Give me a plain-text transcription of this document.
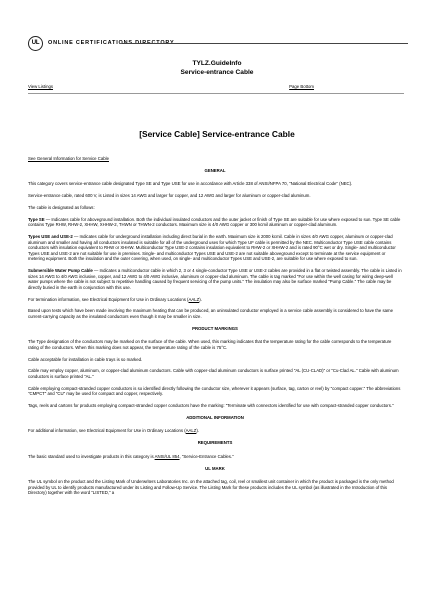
UL ONLINE CERTIFICATIONS DIRECTORY
TYLZ.GuideInfo
Service-entrance Cable
View Listings	Page Bottom
[Service Cable] Service-entrance Cable

See General Information for Service Cable

GENERAL

This category covers service-entrance cable designated Type SE and Type USE for use in accordance with Article 338 of ANSI/NFPA 70, "National Electrical Code" (NEC).

Service-entrance cable, rated 600 V, is Listed in sizes 14 AWG and larger for copper, and 12 AWG and larger for aluminum or copper-clad aluminum.

The cable is designated as follows:

Type SE — Indicates cable for aboveground installation. Both the individual insulated conductors and the outer jacket or finish of Type SE are suitable for use where exposed to sun. Type SE cable contains Type RHW, RHW-2, XHHW, XHHW-2, THWN or THWN-2 conductors. Maximum size is 4/0 AWG copper or 300 kcmil aluminum or copper-clad aluminum.

Types USE and USE-2 — Indicates cable for underground installation including direct burial in the earth. Maximum size is 2000 kcmil. Cable in sizes 4/0 AWG copper, aluminum or copper-clad aluminum and smaller and having all conductors insulated is suitable for all of the underground uses for which Type UF cable is permitted by the NEC. Multiconductor Type USE cable contains conductors with insulation equivalent to RHW or XHHW. Multiconductor Type USE-2 contains insulation equivalent to RHW-2 or XHHW-2 and is rated 90°C wet or dry. Single- and multiconductor Types USE and USE-2 are not suitable for use in premises. Single- and multiconductor Types USE and USE-2 are not suitable aboveground except to terminate at the service equipment or metering equipment. Both the insulation and the outer covering, when used, on single- and multiconductor Types USE and USE-2, are suitable for use where exposed to sun.

Submersible Water Pump Cable — Indicates a multiconductor cable in which 2, 3 or 4 single-conductor Type USE or USE-2 cables are provided in a flat or twisted assembly. The cable is Listed in sizes 14 AWG to 4/0 AWG inclusive, copper, and 12 AWG to 4/0 AWG inclusive, aluminum or copper-clad aluminum. The cable is tag marked "For use within the well casing for wiring deep-well water pumps where the cable is not subject to repetitive handling caused by frequent servicing of the pump units." The insulation may also be surface marked "Pump Cable." The cable may be directly buried in the earth in conjunction with this use.

For termination information, see Electrical Equipment for Use in Ordinary Locations (AALZ).

Based upon tests which have been made involving the maximum heating that can be produced, an uninsulated conductor employed in a service cable assembly is considered to have the same current-carrying capacity as the insulated conductors even though it may be smaller in size.

PRODUCT MARKINGS

The Type designation of the conductors may be marked on the surface of the cable. When used, this marking indicates that the temperature rating for the cable corresponds to the temperature rating of the conductors. When this marking does not appear, the temperature rating of the cable is 75°C.

Cable acceptable for installation in cable trays is so marked.

Cable may employ copper, aluminum, or copper-clad aluminum conductors. Cable with copper-clad aluminum conductors is surface printed "AL (CU-CLAD)" or "Cu-Clad AL." Cable with aluminum conductors is surface printed "AL."

Cable employing compact-stranded copper conductors is so identified directly following the conductor size, wherever it appears (surface, tag, carton or reel) by "compact copper." The abbreviations "CMPCT" and "CU" may be used for compact and copper, respectively.

Tags, reels and cartons for products employing compact-stranded copper conductors have the marking: "Terminate with connectors identified for use with compact-stranded copper conductors."

ADDITIONAL INFORMATION

For additional information, see Electrical Equipment for Use in Ordinary Locations (AALZ).

REQUIREMENTS

The basic standard used to investigate products in this category is ANSI/UL 854, "Service-Entrance Cables."

UL MARK

The UL symbol on the product and the Listing Mark of Underwriters Laboratories Inc. on the attached tag, coil, reel or smallest unit container in which the product is packaged is the only method provided by UL to identify products manufactured under its Listing and Follow-Up Service. The Listing Mark for these products includes the UL symbol (as illustrated in the Introduction of this Directory) together with the word "LISTED," a
